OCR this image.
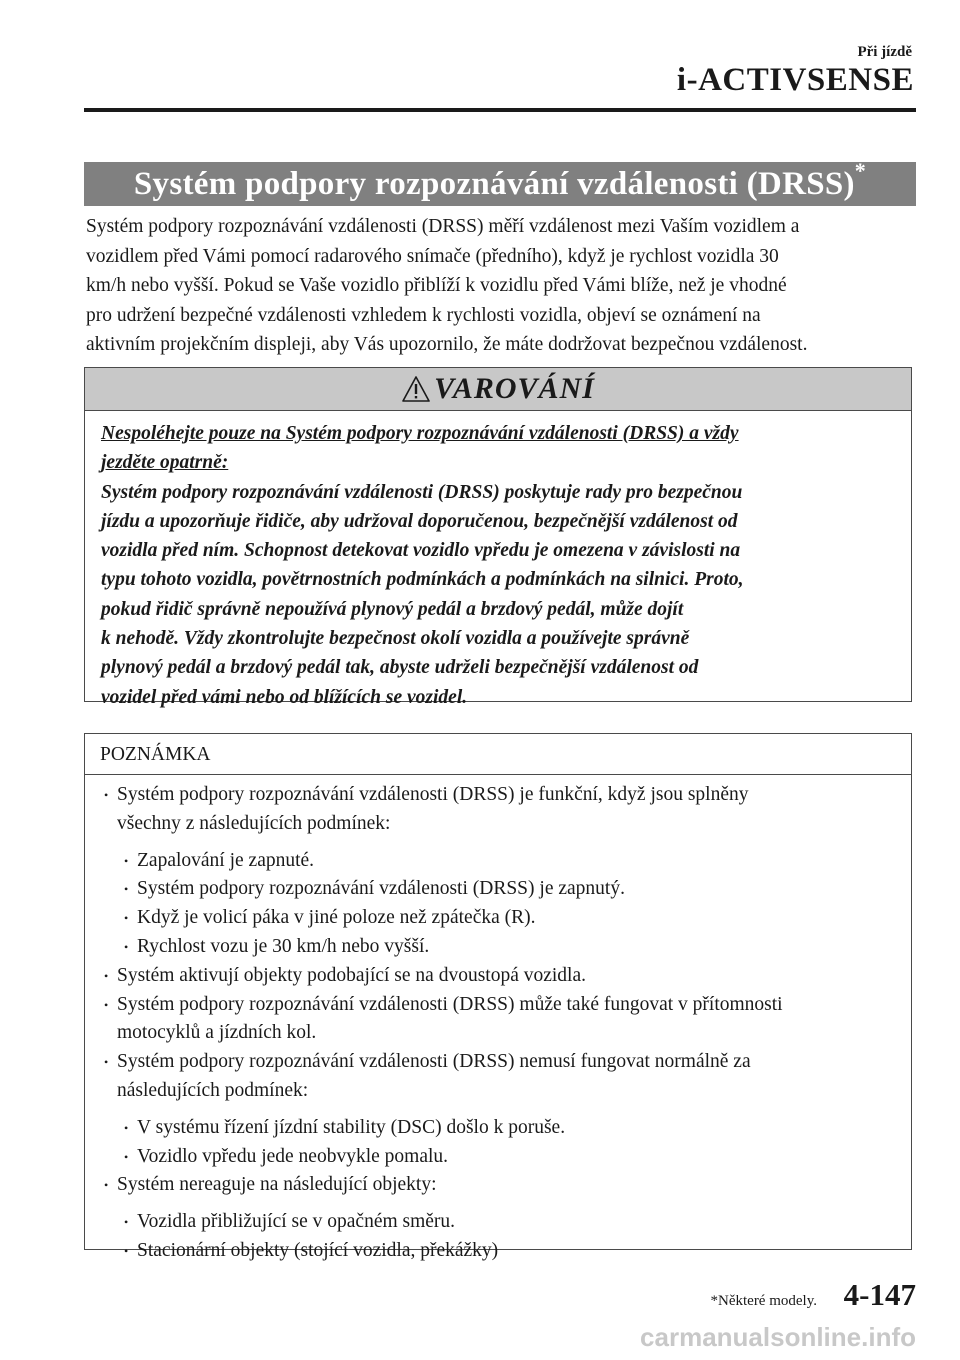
Při jízdě
i-ACTIVSENSE
Systém podpory rozpoznávání vzdálenosti (DRSS)*
Systém podpory rozpoznávání vzdálenosti (DRSS) měří vzdálenost mezi Vaším vozidlem a
vozidlem před Vámi pomocí radarového snímače (předního), když je rychlost vozidla 30
km/h nebo vyšší. Pokud se Vaše vozidlo přiblíží k vozidlu před Vámi blíže, než je vhodné
pro udržení bezpečné vzdálenosti vzhledem k rychlosti vozidla, objeví se oznámení na
aktivním projekčním displeji, aby Vás upozornilo, že máte dodržovat bezpečnou vzdálenost.
VAROVÁNÍ
Nespoléhejte pouze na Systém podpory rozpoznávání vzdálenosti (DRSS) a vždy
jezděte opatrně:
Systém podpory rozpoznávání vzdálenosti (DRSS) poskytuje rady pro bezpečnou
jízdu a upozorňuje řidiče, aby udržoval doporučenou, bezpečnější vzdálenost od
vozidla před ním. Schopnost detekovat vozidlo vpředu je omezena v závislosti na
typu tohoto vozidla, povětrnostních podmínkách a podmínkách na silnici. Proto,
pokud řidič správně nepoužívá plynový pedál a brzdový pedál, může dojít
k nehodě. Vždy zkontrolujte bezpečnost okolí vozidla a používejte správně
plynový pedál a brzdový pedál tak, abyste udrželi bezpečnější vzdálenost od
vozidel před vámi nebo od blížících se vozidel.
POZNÁMKA
• Systém podpory rozpoznávání vzdálenosti (DRSS) je funkční, když jsou splněny
všechny z následujících podmínek:
• Zapalování je zapnuté.
• Systém podpory rozpoznávání vzdálenosti (DRSS) je zapnutý.
• Když je volicí páka v jiné poloze než zpátečka (R).
• Rychlost vozu je 30 km/h nebo vyšší.
• Systém aktivují objekty podobající se na dvoustopá vozidla.
• Systém podpory rozpoznávání vzdálenosti (DRSS) může také fungovat v přítomnosti
motocyklů a jízdních kol.
• Systém podpory rozpoznávání vzdálenosti (DRSS) nemusí fungovat normálně za
následujících podmínek:
• V systému řízení jízdní stability (DSC) došlo k poruše.
• Vozidlo vpředu jede neobvykle pomalu.
• Systém nereaguje na následující objekty:
• Vozidla přibližující se v opačném směru.
• Stacionární objekty (stojící vozidla, překážky)
*Některé modely. 4-147
carmanualsonline.info
